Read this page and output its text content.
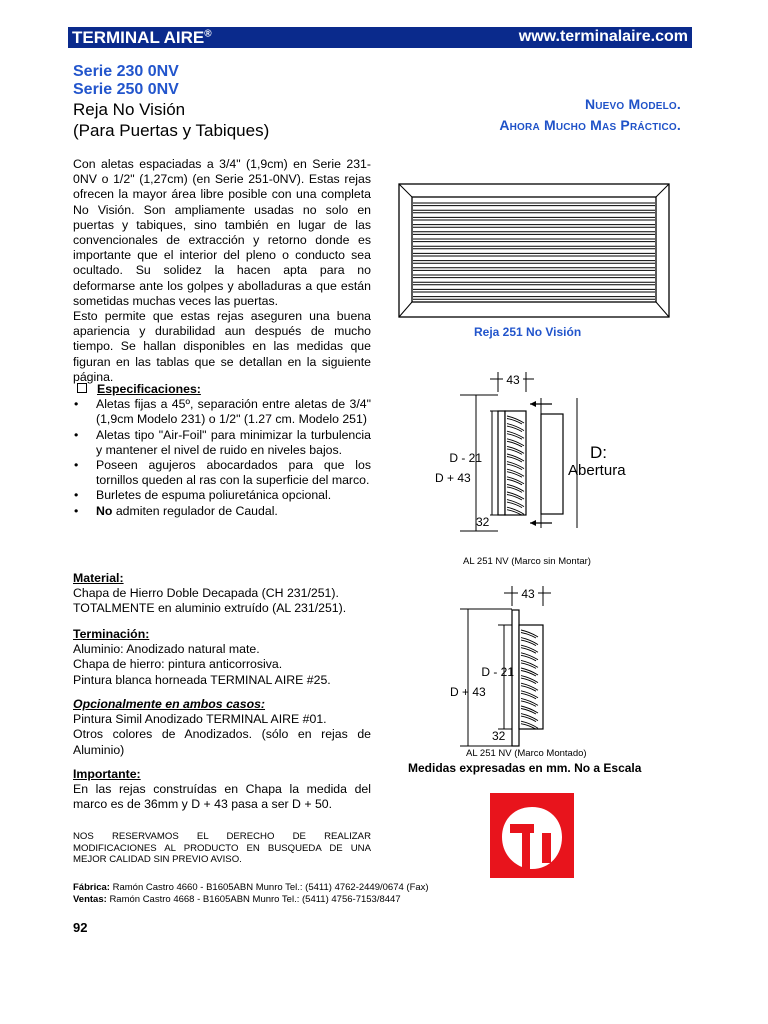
TERMINAL AIRE®	www.terminalaire.com
Serie 230 0NV
Serie 250 0NV
Reja No Visión
(Para Puertas y Tabiques)
Nuevo Modelo.
Ahora Mucho Mas Práctico.

Con aletas espaciadas a 3/4" (1,9cm) en Serie 231-0NV o 1/2" (1,27cm) (en Serie 251-0NV). Estas rejas ofrecen la mayor área libre posible con una completa No Visión. Son ampliamente usadas no solo en puertas y tabiques, sino también en lugar de las convencionales de extracción y retorno donde es importante que el interior del pleno o conducto sea ocultado. Su solidez la hacen apta para no deformarse ante los golpes y abolladuras a que están sometidas muchas veces las puertas.

Esto permite que estas rejas aseguren una buena apariencia y durabilidad aun después de mucho tiempo. Se hallan disponibles en las medidas que figuran en las tablas que se detallan en la siguiente página.

Especificaciones:
• Aletas fijas a 45º, separación entre aletas de 3/4" (1,9cm Modelo 231) o 1/2" (1.27 cm. Modelo 251)
• Aletas tipo "Air-Foil" para minimizar la turbulencia y mantener el nivel de ruido en niveles bajos.
• Poseen agujeros abocardados para que los tornillos queden al ras con la superficie del marco.
• Burletes de espuma poliuretánica opcional.
• No admiten regulador de Caudal.
Material:
Chapa de Hierro Doble Decapada (CH 231/251).
TOTALMENTE en aluminio extruído (AL 231/251).
Terminación:
Aluminio: Anodizado natural mate.
Chapa de hierro: pintura anticorrosiva.
Pintura blanca horneada TERMINAL AIRE #25.
Opcionalmente en ambos casos:
Pintura Simil Anodizado TERMINAL AIRE #01.
Otros colores de Anodizados. (sólo en rejas de Aluminio)
Importante:
En las rejas construídas en Chapa la medida del marco es de 36mm y D + 43 pasa a ser D + 50.
NOS RESERVAMOS EL DERECHO DE REALIZAR MODIFICACIONES AL PRODUCTO EN BUSQUEDA DE UNA MEJOR CALIDAD SIN PREVIO AVISO.
Fábrica: Ramón Castro 4660 - B1605ABN Munro Tel.: (5411) 4762-2449/0674 (Fax)
Ventas: Ramón Castro 4668 - B1605ABN Munro Tel.: (5411) 4756-7153/8447
92
Reja 251 No Visión
43
D - 21
D + 43
32
D:
Abertura
AL 251 NV (Marco sin Montar)
43
D - 21
D + 43
32
AL 251 NV (Marco Montado)
Medidas expresadas en mm. No a Escala
